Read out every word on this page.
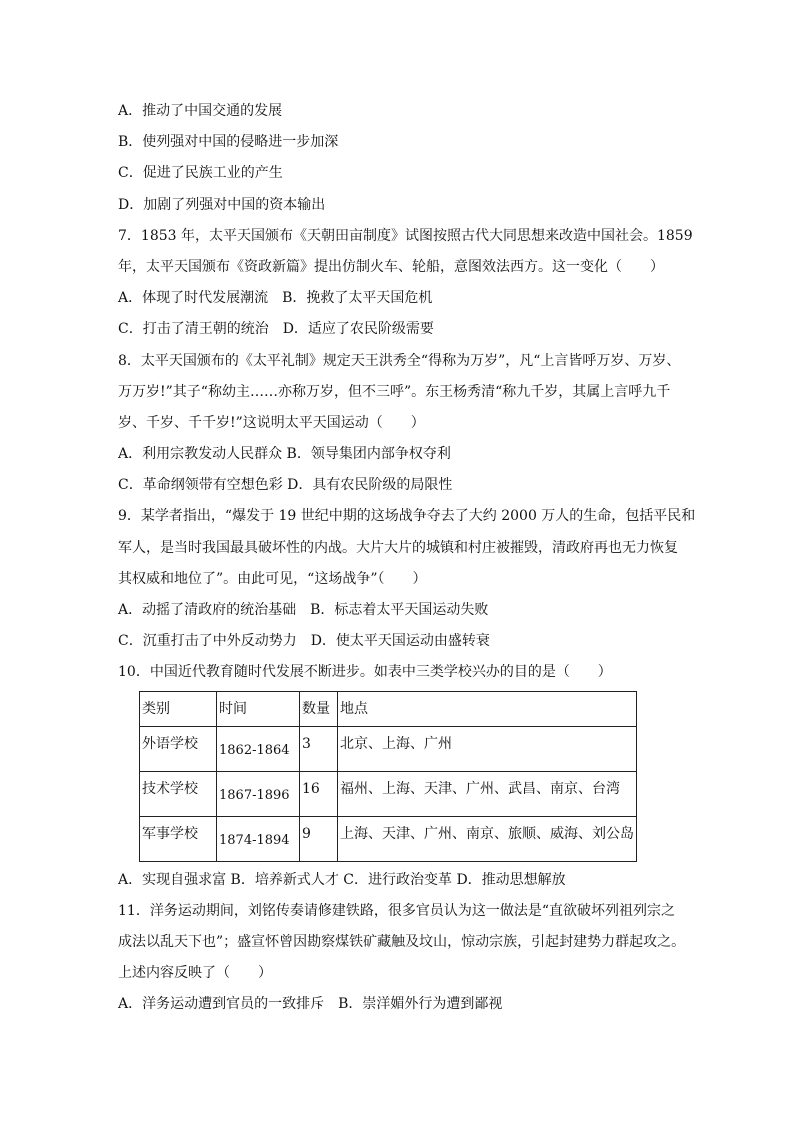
A．推动了中国交通的发展
B．使列强对中国的侵略进一步加深
C．促进了民族工业的产生
D．加剧了列强对中国的资本输出
7．1853 年，太平天国颁布《天朝田亩制度》试图按照古代大同思想来改造中国社会。1859
年，太平天国颁布《资政新篇》提出仿制火车、轮船，意图效法西方。这一变化（　　）
A．体现了时代发展潮流　B．挽救了太平天国危机
C．打击了清王朝的统治　D．适应了农民阶级需要
8．太平天国颁布的《太平礼制》规定天王洪秀全“得称为万岁”，凡“上言皆呼万岁、万岁、
万万岁!”其子“称幼主……亦称万岁，但不三呼”。东王杨秀清“称九千岁，其属上言呼九千
岁、千岁、千千岁!”这说明太平天国运动（　　）
A．利用宗教发动人民群众 B．领导集团内部争权夺利
C．革命纲领带有空想色彩 D．具有农民阶级的局限性
9．某学者指出，“爆发于 19 世纪中期的这场战争夺去了大约 2000 万人的生命，包括平民和
军人，是当时我国最具破坏性的内战。大片大片的城镇和村庄被摧毁，清政府再也无力恢复
其权威和地位了”。由此可见，“这场战争”（　　）
A．动摇了清政府的统治基础　B．标志着太平天国运动失败
C．沉重打击了中外反动势力　D．使太平天国运动由盛转衰
10．中国近代教育随时代发展不断进步。如表中三类学校兴办的目的是（　　）
类别	时间	数量	地点

外语学校	1862-1864	3	北京、上海、广州

技术学校	1867-1896	16	福州、上海、天津、广州、武昌、南京、台湾

军事学校	1874-1894	9	上海、天津、广州、南京、旅顺、威海、刘公岛
A．实现自强求富 B．培养新式人才 C．进行政治变革 D．推动思想解放
11．洋务运动期间，刘铭传奏请修建铁路，很多官员认为这一做法是“直欲破坏列祖列宗之
成法以乱天下也”；盛宣怀曾因勘察煤铁矿藏触及坟山，惊动宗族，引起封建势力群起攻之。
上述内容反映了（　　）
A．洋务运动遭到官员的一致排斥　B．崇洋媚外行为遭到鄙视
